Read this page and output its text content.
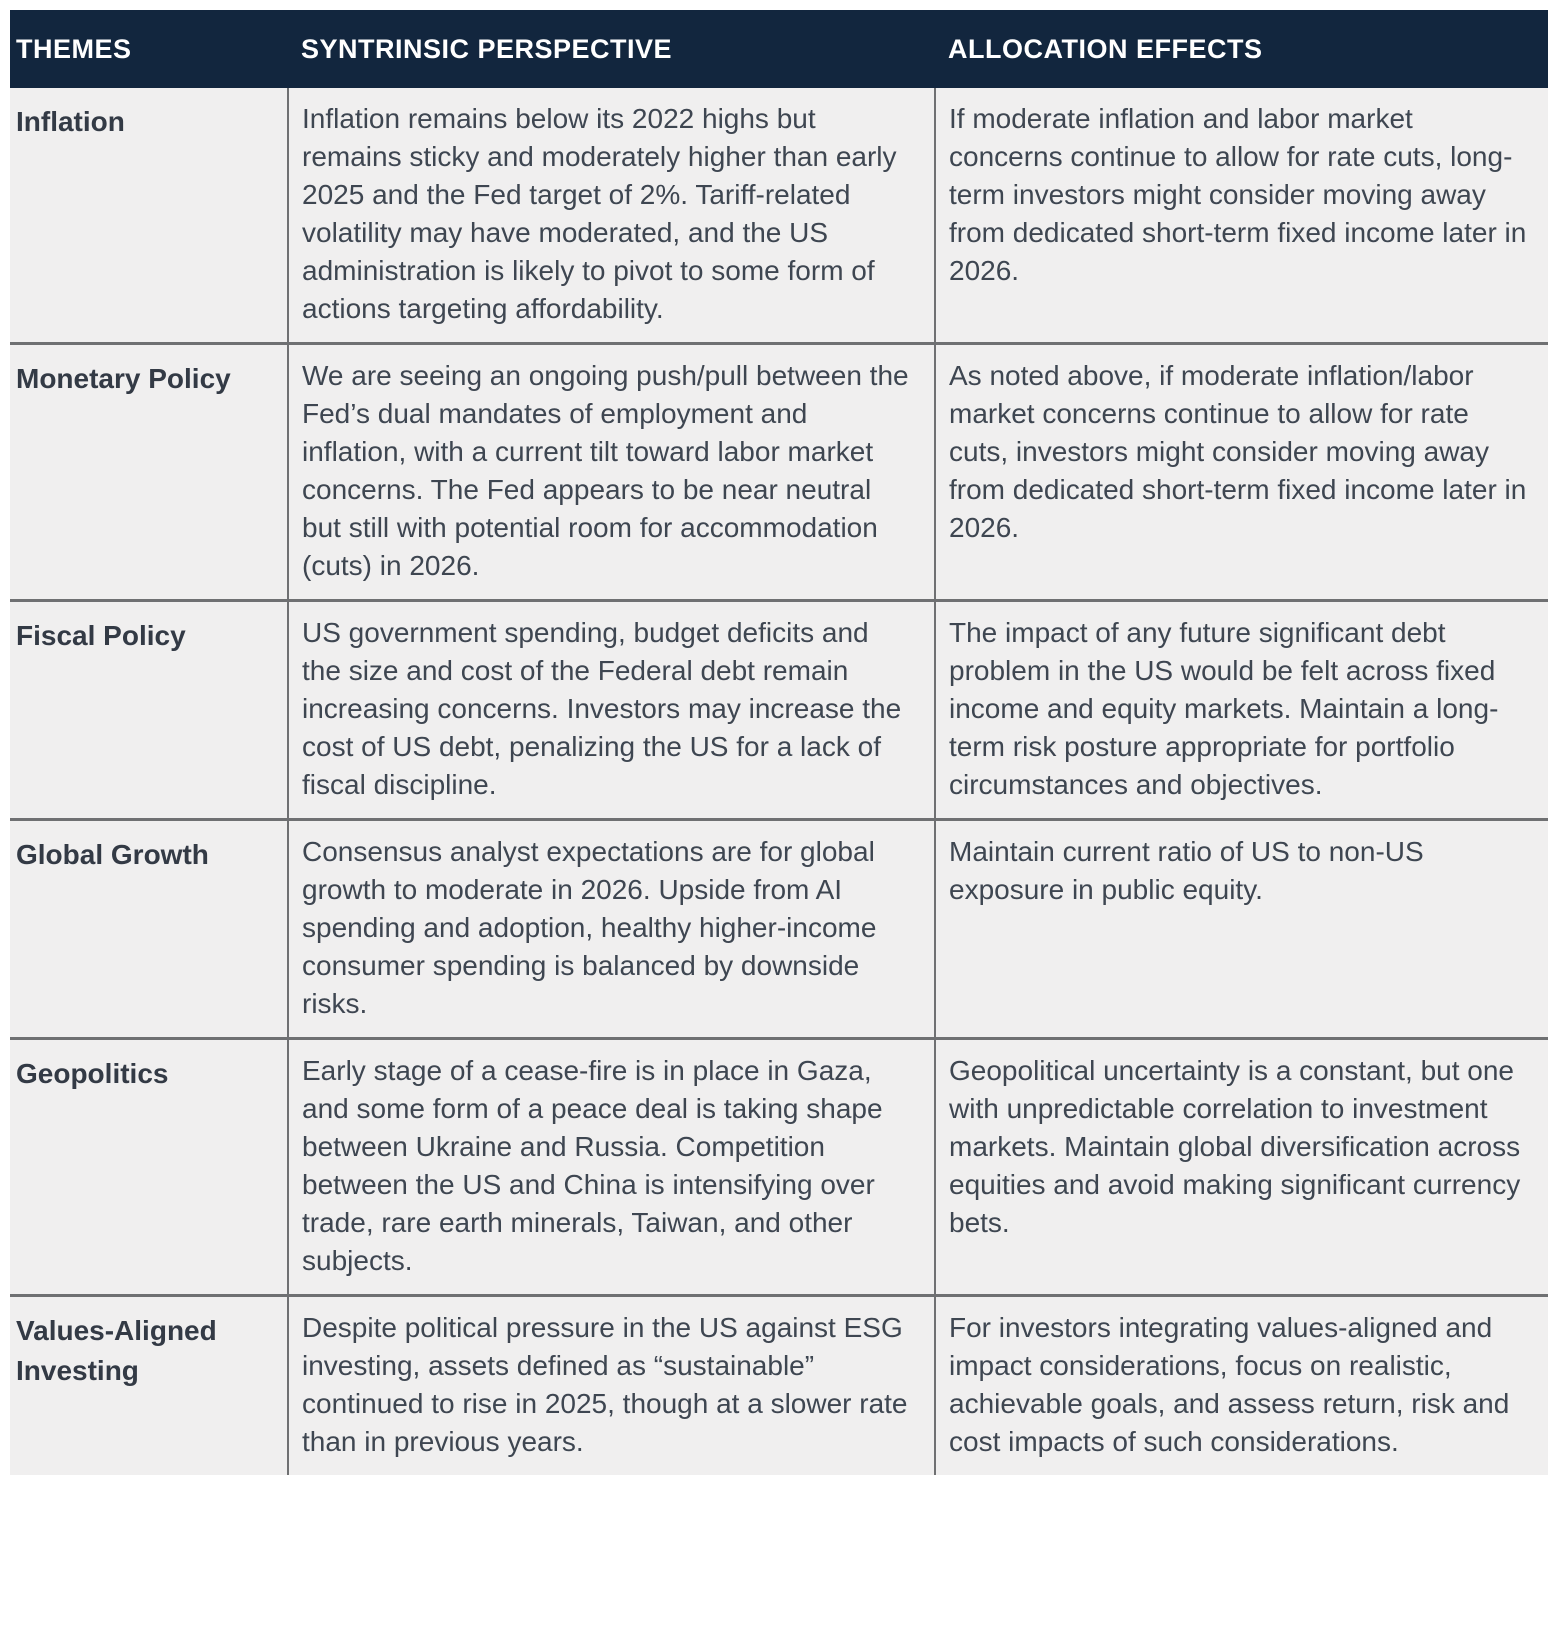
THEMES	SYNTRINSIC PERSPECTIVE	ALLOCATION EFFECTS
Inflation	Inflation remains below its 2022 highs but remains sticky and moderately higher than early 2025 and the Fed target of 2%. Tariff-related volatility may have moderated, and the US administration is likely to pivot to some form of actions targeting affordability.	If moderate inflation and labor market concerns continue to allow for rate cuts, long-term investors might consider moving away from dedicated short-term fixed income later in 2026.
Monetary Policy	We are seeing an ongoing push/pull between the Fed’s dual mandates of employment and inflation, with a current tilt toward labor market concerns. The Fed appears to be near neutral but still with potential room for accommodation (cuts) in 2026.	As noted above, if moderate inflation/labor market concerns continue to allow for rate cuts, investors might consider moving away from dedicated short-term fixed income later in 2026.
Fiscal Policy	US government spending, budget deficits and the size and cost of the Federal debt remain increasing concerns. Investors may increase the cost of US debt, penalizing the US for a lack of fiscal discipline.	The impact of any future significant debt problem in the US would be felt across fixed income and equity markets. Maintain a long-term risk posture appropriate for portfolio circumstances and objectives.
Global Growth	Consensus analyst expectations are for global growth to moderate in 2026. Upside from AI spending and adoption, healthy higher-income consumer spending is balanced by downside risks.	Maintain current ratio of US to non-US exposure in public equity.
Geopolitics	Early stage of a cease-fire is in place in Gaza, and some form of a peace deal is taking shape between Ukraine and Russia. Competition between the US and China is intensifying over trade, rare earth minerals, Taiwan, and other subjects.	Geopolitical uncertainty is a constant, but one with unpredictable correlation to investment markets. Maintain global diversification across equities and avoid making significant currency bets.
Values-Aligned Investing	Despite political pressure in the US against ESG investing, assets defined as “sustainable” continued to rise in 2025, though at a slower rate than in previous years.	For investors integrating values-aligned and impact considerations, focus on realistic, achievable goals, and assess return, risk and cost impacts of such considerations.
